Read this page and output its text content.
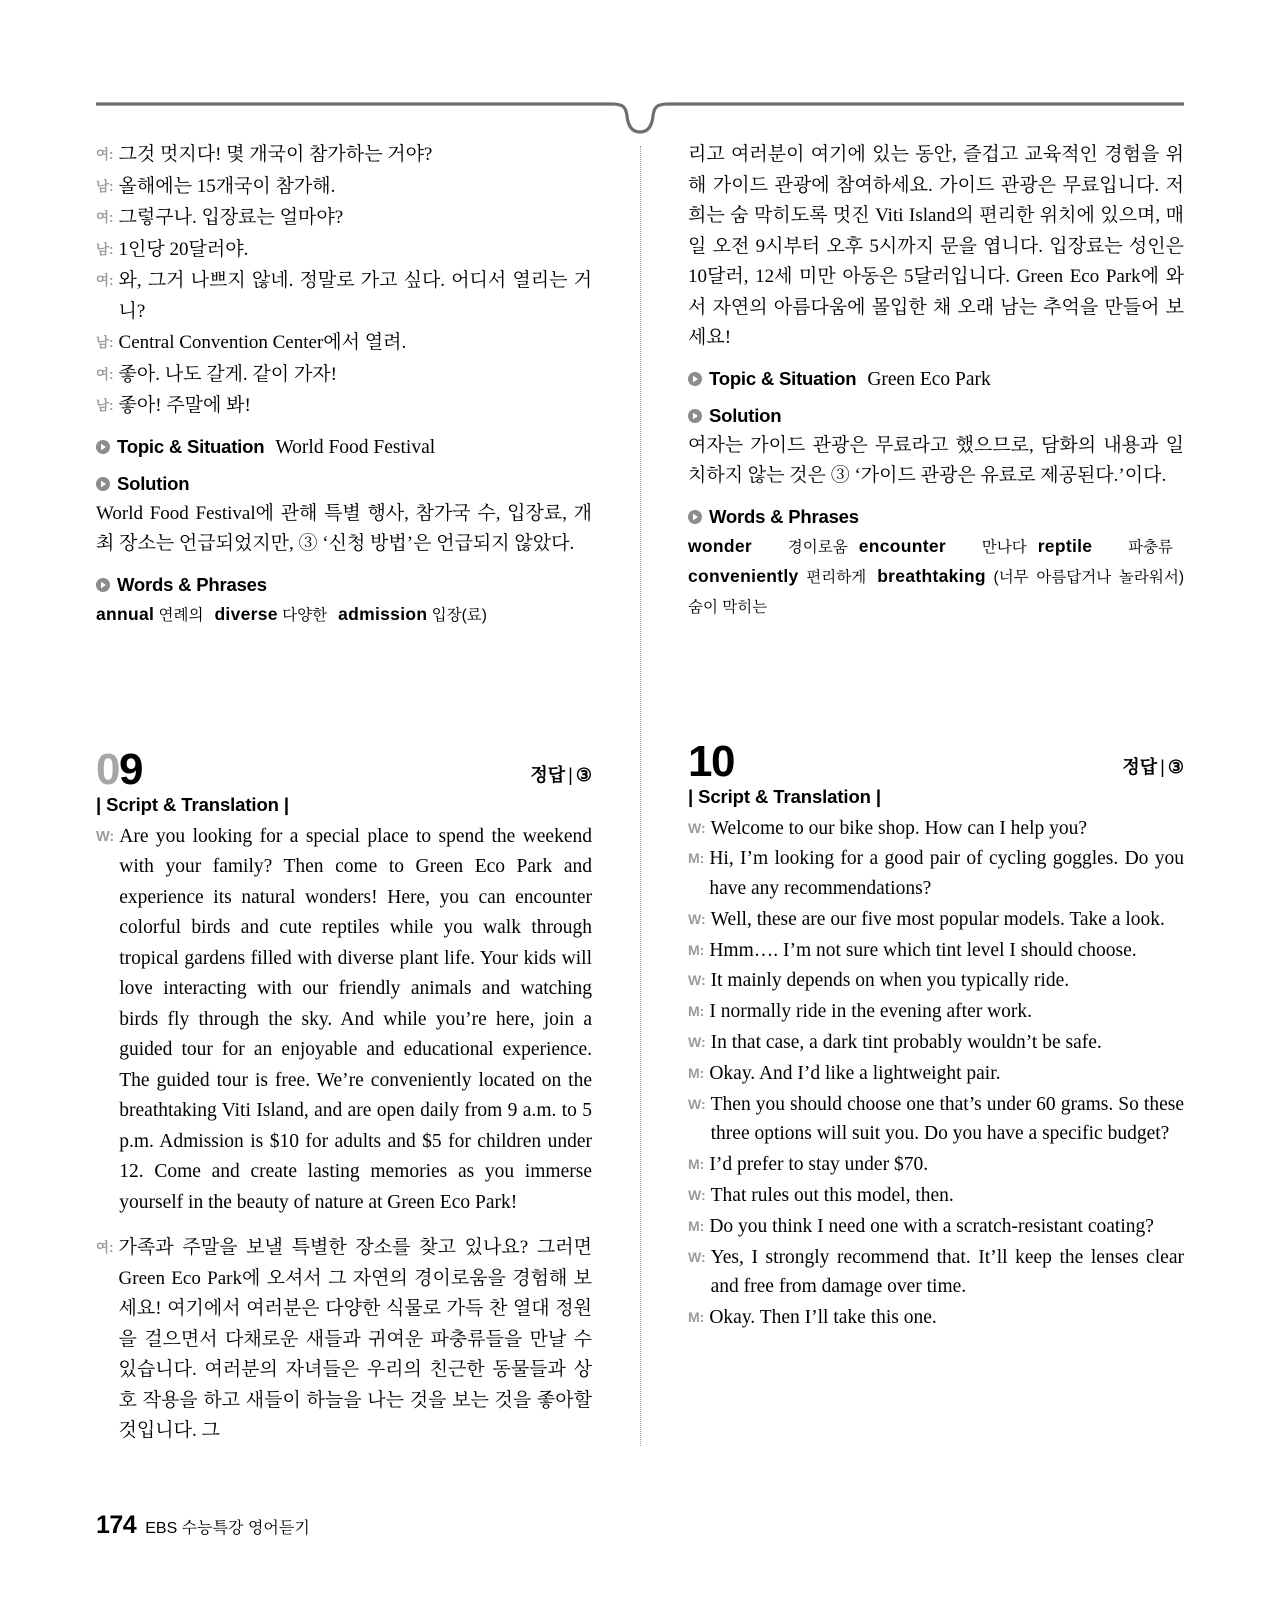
여: 그것 멋지다! 몇 개국이 참가하는 거야?
남: 올해에는 15개국이 참가해.
여: 그렇구나. 입장료는 얼마야?
남: 1인당 20달러야.
여: 와, 그거 나쁘지 않네. 정말로 가고 싶다. 어디서 열리는 거니?
남: Central Convention Center에서 열려.
여: 좋아. 나도 갈게. 같이 가자!
남: 좋아! 주말에 봐!
Topic & Situation World Food Festival
Solution
World Food Festival에 관해 특별 행사, 참가국 수, 입장료, 개최 장소는 언급되었지만, ③ ‘신청 방법’은 언급되지 않았다.
Words & Phrases
annual 연례의 diverse 다양한 admission 입장(료)
09	정답 | ③
| Script & Translation |
W: Are you looking for a special place to spend the weekend with your family? Then come to Green Eco Park and experience its natural wonders! Here, you can encounter colorful birds and cute reptiles while you walk through tropical gardens filled with diverse plant life. Your kids will love interacting with our friendly animals and watching birds fly through the sky. And while you’re here, join a guided tour for an enjoyable and educational experience. The guided tour is free. We’re conveniently located on the breathtaking Viti Island, and are open daily from 9 a.m. to 5 p.m. Admission is $10 for adults and $5 for children under 12. Come and create lasting memories as you immerse yourself in the beauty of nature at Green Eco Park!
여: 가족과 주말을 보낼 특별한 장소를 찾고 있나요? 그러면 Green Eco Park에 오셔서 그 자연의 경이로움을 경험해 보세요! 여기에서 여러분은 다양한 식물로 가득 찬 열대 정원을 걸으면서 다채로운 새들과 귀여운 파충류들을 만날 수 있습니다. 여러분의 자녀들은 우리의 친근한 동물들과 상호 작용을 하고 새들이 하늘을 나는 것을 보는 것을 좋아할 것입니다. 그
리고 여러분이 여기에 있는 동안, 즐겁고 교육적인 경험을 위해 가이드 관광에 참여하세요. 가이드 관광은 무료입니다. 저희는 숨 막히도록 멋진 Viti Island의 편리한 위치에 있으며, 매일 오전 9시부터 오후 5시까지 문을 엽니다. 입장료는 성인은 10달러, 12세 미만 아동은 5달러입니다. Green Eco Park에 와서 자연의 아름다움에 몰입한 채 오래 남는 추억을 만들어 보세요!
Topic & Situation Green Eco Park
Solution
여자는 가이드 관광은 무료라고 했으므로, 담화의 내용과 일치하지 않는 것은 ③ ‘가이드 관광은 유료로 제공된다.’이다.
Words & Phrases
wonder 경이로움 encounter 만나다 reptile 파충류conveniently 편리하게 breathtaking (너무 아름답거나 놀라워서) 숨이 막히는
10	정답 | ③
| Script & Translation |
W: Welcome to our bike shop. How can I help you?
M: Hi, I’m looking for a good pair of cycling goggles. Do you have any recommendations?
W: Well, these are our five most popular models. Take a look.
M: Hmm…. I’m not sure which tint level I should choose.
W: It mainly depends on when you typically ride.
M: I normally ride in the evening after work.
W: In that case, a dark tint probably wouldn’t be safe.
M: Okay. And I’d like a lightweight pair.
W: Then you should choose one that’s under 60 grams. So these three options will suit you. Do you have a specific budget?
M: I’d prefer to stay under $70.
W: That rules out this model, then.
M: Do you think I need one with a scratch-resistant coating?
W: Yes, I strongly recommend that. It’ll keep the lenses clear and free from damage over time.
M: Okay. Then I’ll take this one.
174 EBS 수능특강 영어듣기
